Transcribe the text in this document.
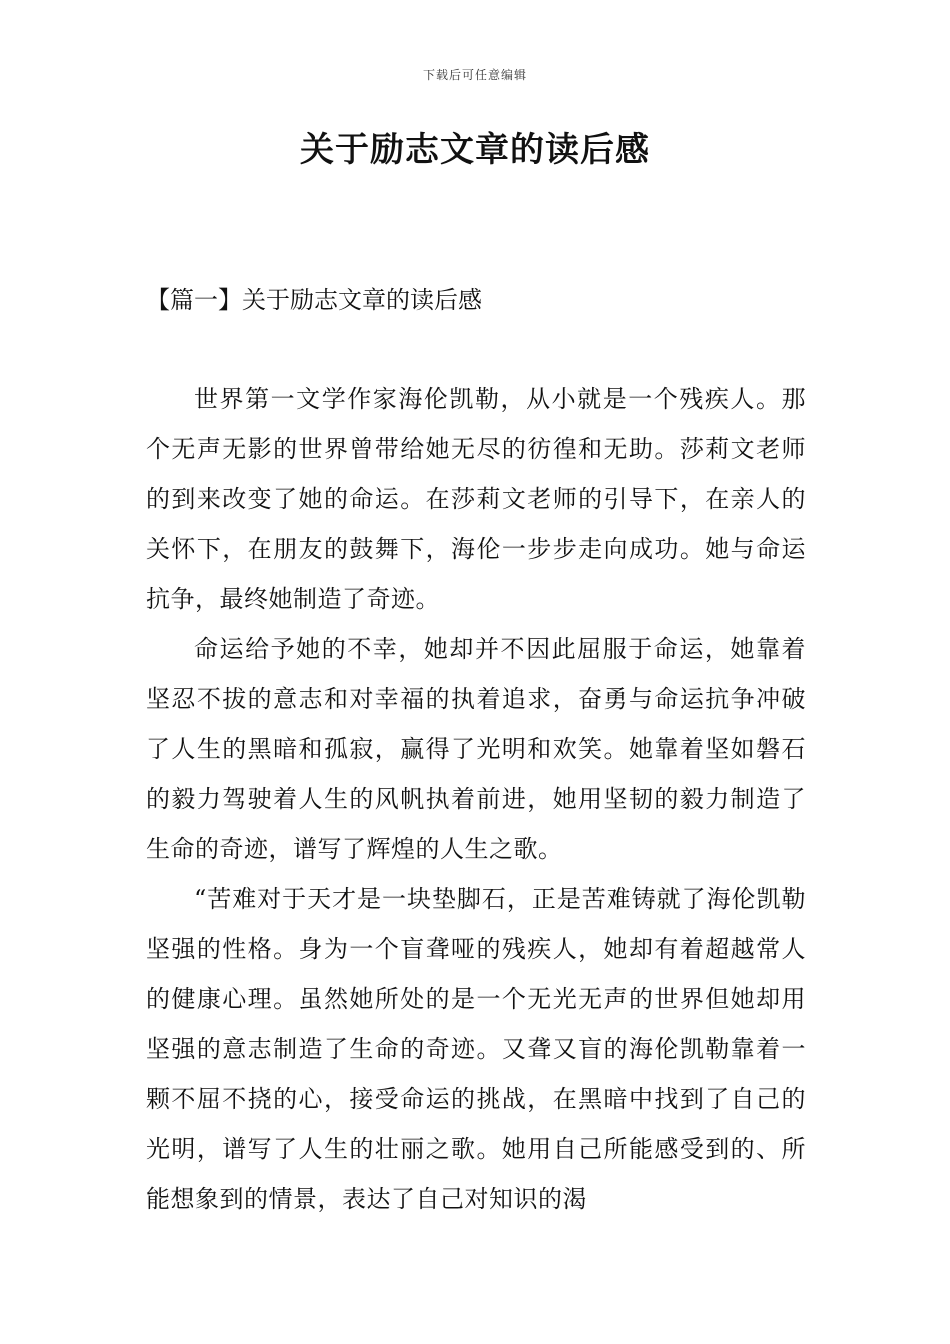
下载后可任意编辑
关于励志文章的读后感
【篇一】关于励志文章的读后感

世界第一文学作家海伦凯勒，从小就是一个残疾人。那个无声无影的世界曾带给她无尽的彷徨和无助。莎莉文老师的到来改变了她的命运。在莎莉文老师的引导下，在亲人的关怀下，在朋友的鼓舞下，海伦一步步走向成功。她与命运抗争，最终她制造了奇迹。

命运给予她的不幸，她却并不因此屈服于命运，她靠着坚忍不拔的意志和对幸福的执着追求，奋勇与命运抗争冲破了人生的黑暗和孤寂，赢得了光明和欢笑。她靠着坚如磐石的毅力驾驶着人生的风帆执着前进，她用坚韧的毅力制造了生命的奇迹，谱写了辉煌的人生之歌。

“苦难对于天才是一块垫脚石，正是苦难铸就了海伦凯勒坚强的性格。身为一个盲聋哑的残疾人，她却有着超越常人的健康心理。虽然她所处的是一个无光无声的世界但她却用坚强的意志制造了生命的奇迹。又聋又盲的海伦凯勒靠着一颗不屈不挠的心，接受命运的挑战，在黑暗中找到了自己的光明，谱写了人生的壮丽之歌。她用自己所能感受到的、所能想象到的情景，表达了自己对知识的渴
